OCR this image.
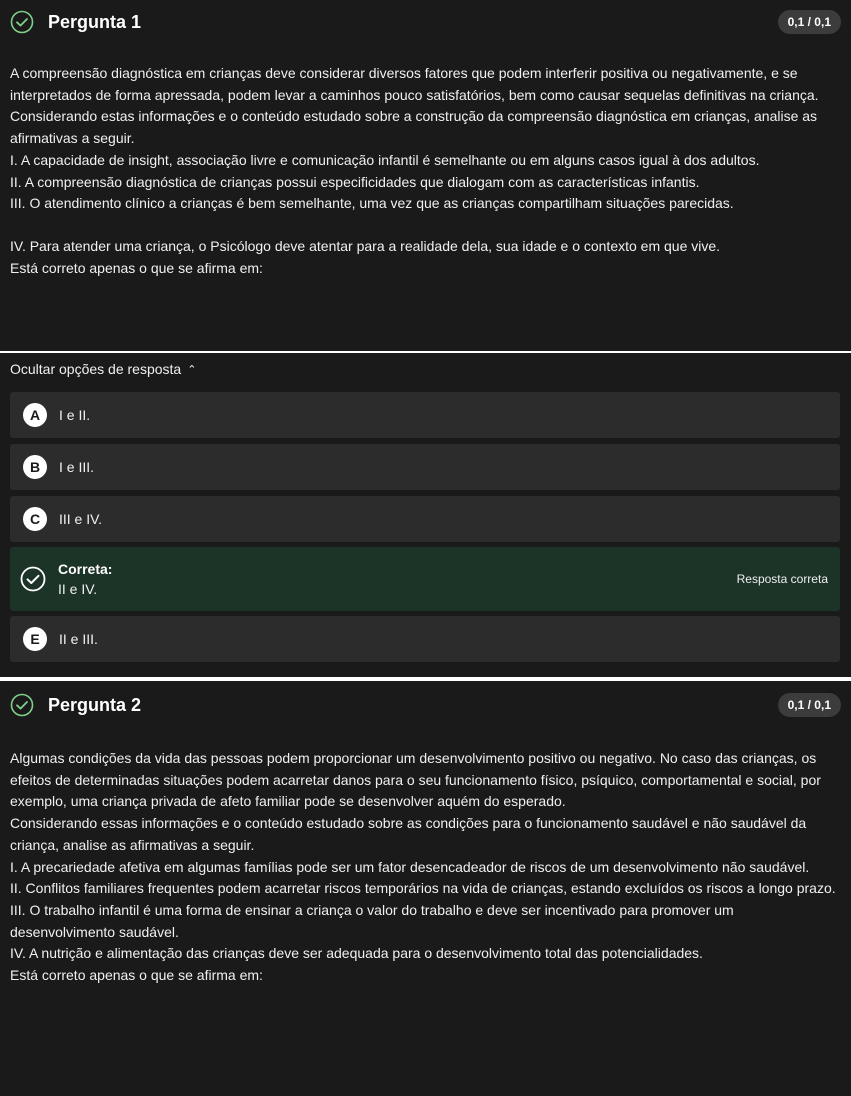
Pergunta 1	0,1 / 0,1

A compreensão diagnóstica em crianças deve considerar diversos fatores que podem interferir positiva ou negativamente, e se interpretados de forma apressada, podem levar a caminhos pouco satisfatórios, bem como causar sequelas definitivas na criança.

Considerando estas informações e o conteúdo estudado sobre a construção da compreensão diagnóstica em crianças, analise as afirmativas a seguir.

I. A capacidade de insight, associação livre e comunicação infantil é semelhante ou em alguns casos igual à dos adultos.

II. A compreensão diagnóstica de crianças possui especificidades que dialogam com as características infantis.

III. O atendimento clínico a crianças é bem semelhante, uma vez que as crianças compartilham situações parecidas.

IV. Para atender uma criança, o Psicólogo deve atentar para a realidade dela, sua idade e o contexto em que vive.

Está correto apenas o que se afirma em:

Ocultar opções de resposta ⌃
A	I e II.
B	I e III.
C	III e IV.
Correta:
II e IV.
Resposta correta
E	II e III.
Pergunta 2	0,1 / 0,1

Algumas condições da vida das pessoas podem proporcionar um desenvolvimento positivo ou negativo. No caso das crianças, os efeitos de determinadas situações podem acarretar danos para o seu funcionamento físico, psíquico, comportamental e social, por exemplo, uma criança privada de afeto familiar pode se desenvolver aquém do esperado.

Considerando essas informações e o conteúdo estudado sobre as condições para o funcionamento saudável e não saudável da criança, analise as afirmativas a seguir.

I. A precariedade afetiva em algumas famílias pode ser um fator desencadeador de riscos de um desenvolvimento não saudável.

II. Conflitos familiares frequentes podem acarretar riscos temporários na vida de crianças, estando excluídos os riscos a longo prazo.

III. O trabalho infantil é uma forma de ensinar a criança o valor do trabalho e deve ser incentivado para promover um desenvolvimento saudável.

IV. A nutrição e alimentação das crianças deve ser adequada para o desenvolvimento total das potencialidades.

Está correto apenas o que se afirma em:
